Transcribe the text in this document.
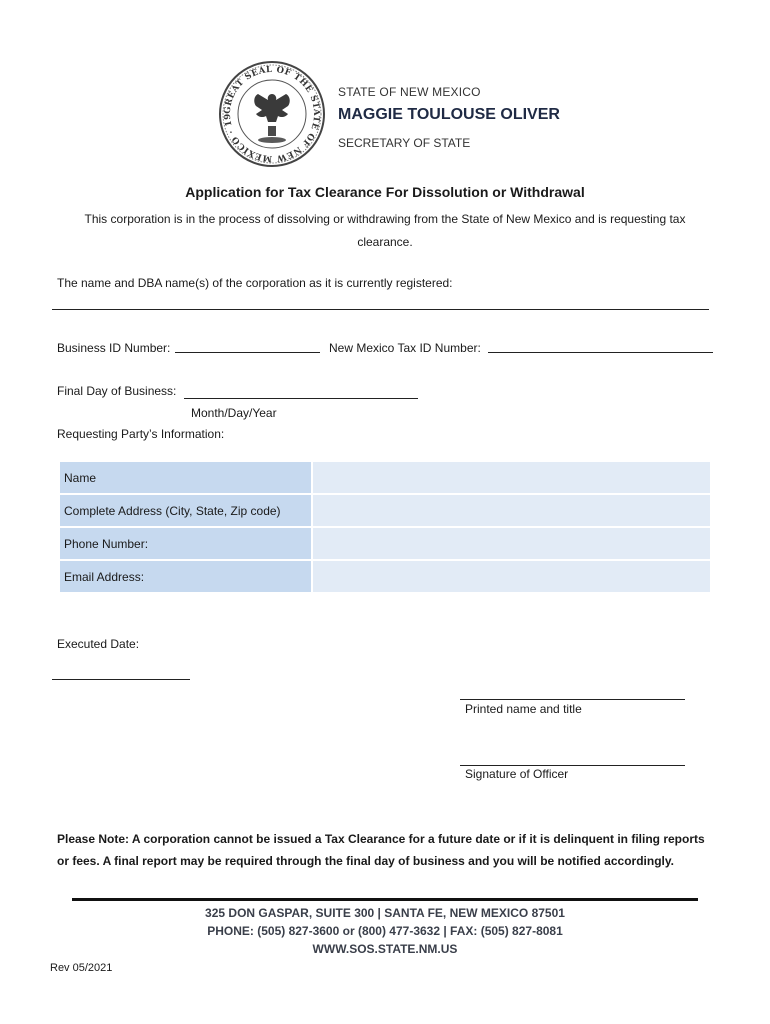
GREAT SEAL OF THE STATE OF NEW MEXICO · 19
STATE OF NEW MEXICO
MAGGIE TOULOUSE OLIVER
SECRETARY OF STATE
Application for Tax Clearance For Dissolution or Withdrawal
This corporation is in the process of dissolving or withdrawing from the State of New Mexico and is requesting tax clearance.
The name and DBA name(s) of the corporation as it is currently registered:
Business ID Number:	New Mexico Tax ID Number:
Final Day of Business:
Month/Day/Year
Requesting Party’s Information:
Name	
Complete Address (City, State, Zip code)	
Phone Number:	
Email Address:	
Executed Date:
Printed name and title
Signature of Officer
Please Note: A corporation cannot be issued a Tax Clearance for a future date or if it is delinquent in filing reports or fees. A final report may be required through the final day of business and you will be notified accordingly.
325 DON GASPAR, SUITE 300 | SANTA FE, NEW MEXICO 87501
PHONE: (505) 827-3600 or (800) 477-3632 | FAX: (505) 827-8081
WWW.SOS.STATE.NM.US
Rev 05/2021
